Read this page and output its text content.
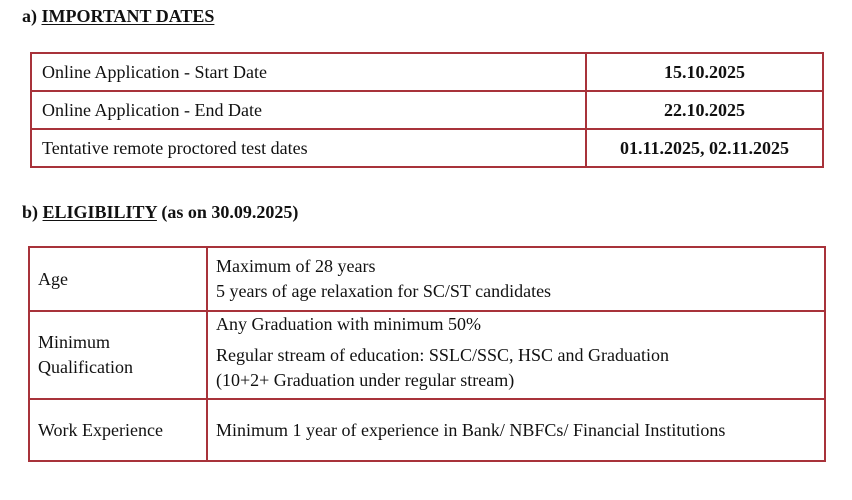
a) IMPORTANT DATES
Online Application - Start Date	15.10.2025
Online Application - End Date	22.10.2025
Tentative remote proctored test dates	01.11.2025, 02.11.2025
b) ELIGIBILITY (as on 30.09.2025)
Age	Maximum of 28 years
5 years of age relaxation for SC/ST candidates

Minimum
Qualification	Any Graduation with minimum 50%
Regular stream of education: SSLC/SSC, HSC and Graduation
(10+2+ Graduation under regular stream)

Work Experience	Minimum 1 year of experience in Bank/ NBFCs/ Financial Institutions
